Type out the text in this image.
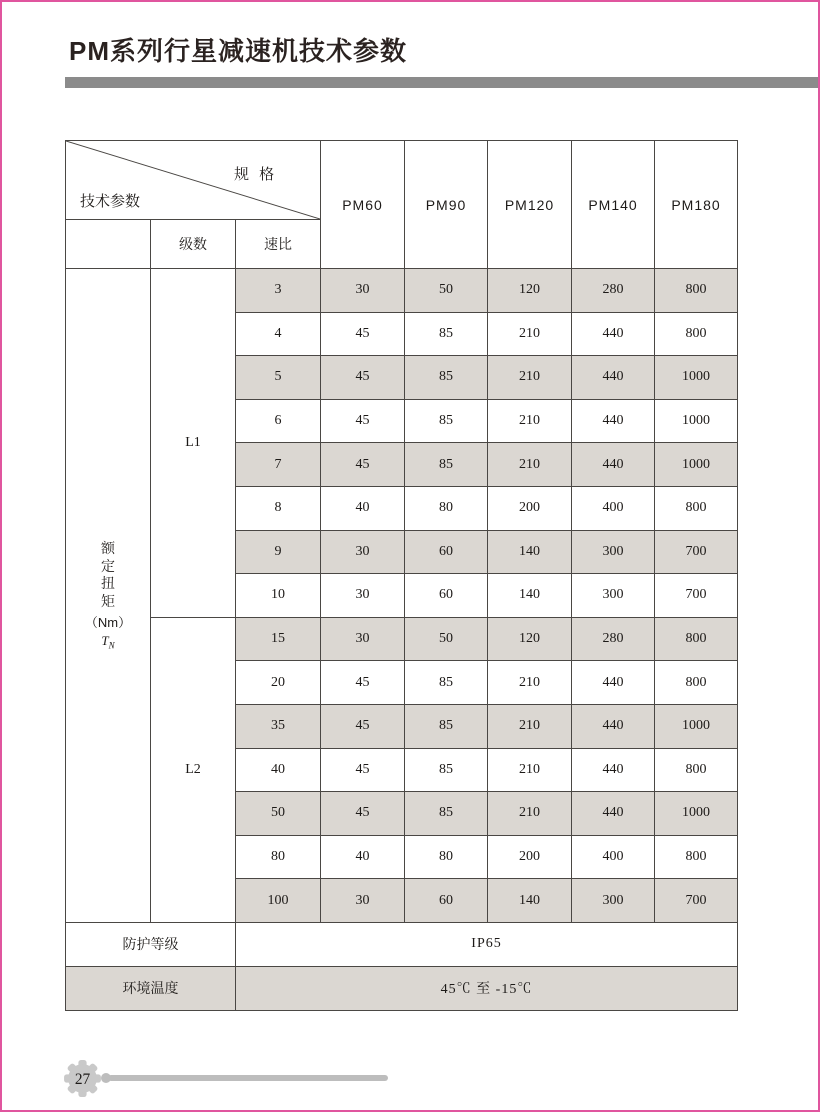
PM系列行星减速机技术参数
规 格
技术参数			PM60	PM90	PM120	PM140	PM180
	级数	速比					

额定扭矩
（Nm）
$T_N$	L1	3	30	50	120	280	800
		4	45	85	210	440	800
		5	45	85	210	440	1000
		6	45	85	210	440	1000
		7	45	85	210	440	1000
		8	40	80	200	400	800
		9	30	60	140	300	700
		10	30	60	140	300	700
	L2	15	30	50	120	280	800
		20	45	85	210	440	800
		35	45	85	210	440	1000
		40	45	85	210	440	800
		50	45	85	210	440	1000
		80	40	80	200	400	800
		100	30	60	140	300	700
防护等级		IP65					
环境温度		45℃ 至 -15℃					
27
